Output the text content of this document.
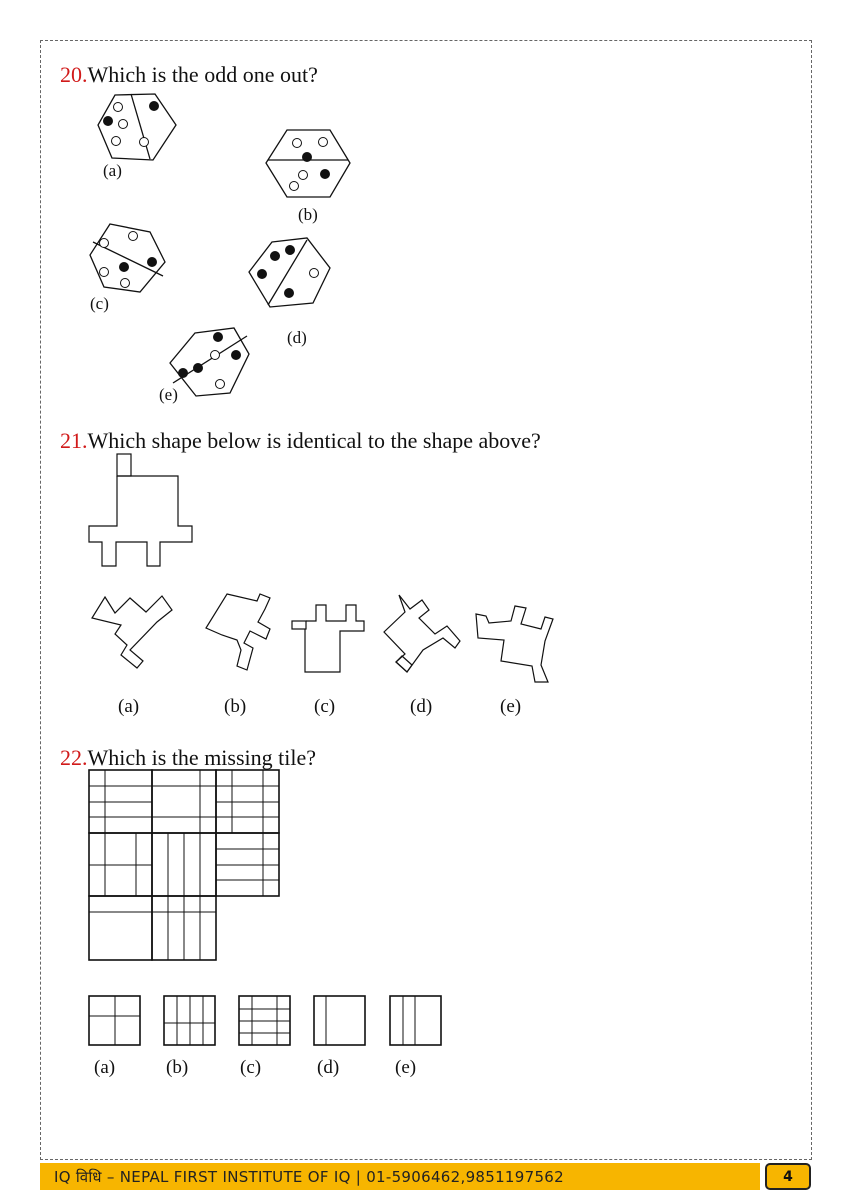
20.Which is the odd one out?
(a)
(b)
(c)
(d)
(e)
21.Which shape below is identical to the shape above?
(a)	(b)	(c)	(d)	(e)
22.Which is the missing tile?
(a)	(b)	(c)	(d)	(e)
IQ विधि – NEPAL FIRST INSTITUTE OF IQ | 01-5906462,9851197562	4
